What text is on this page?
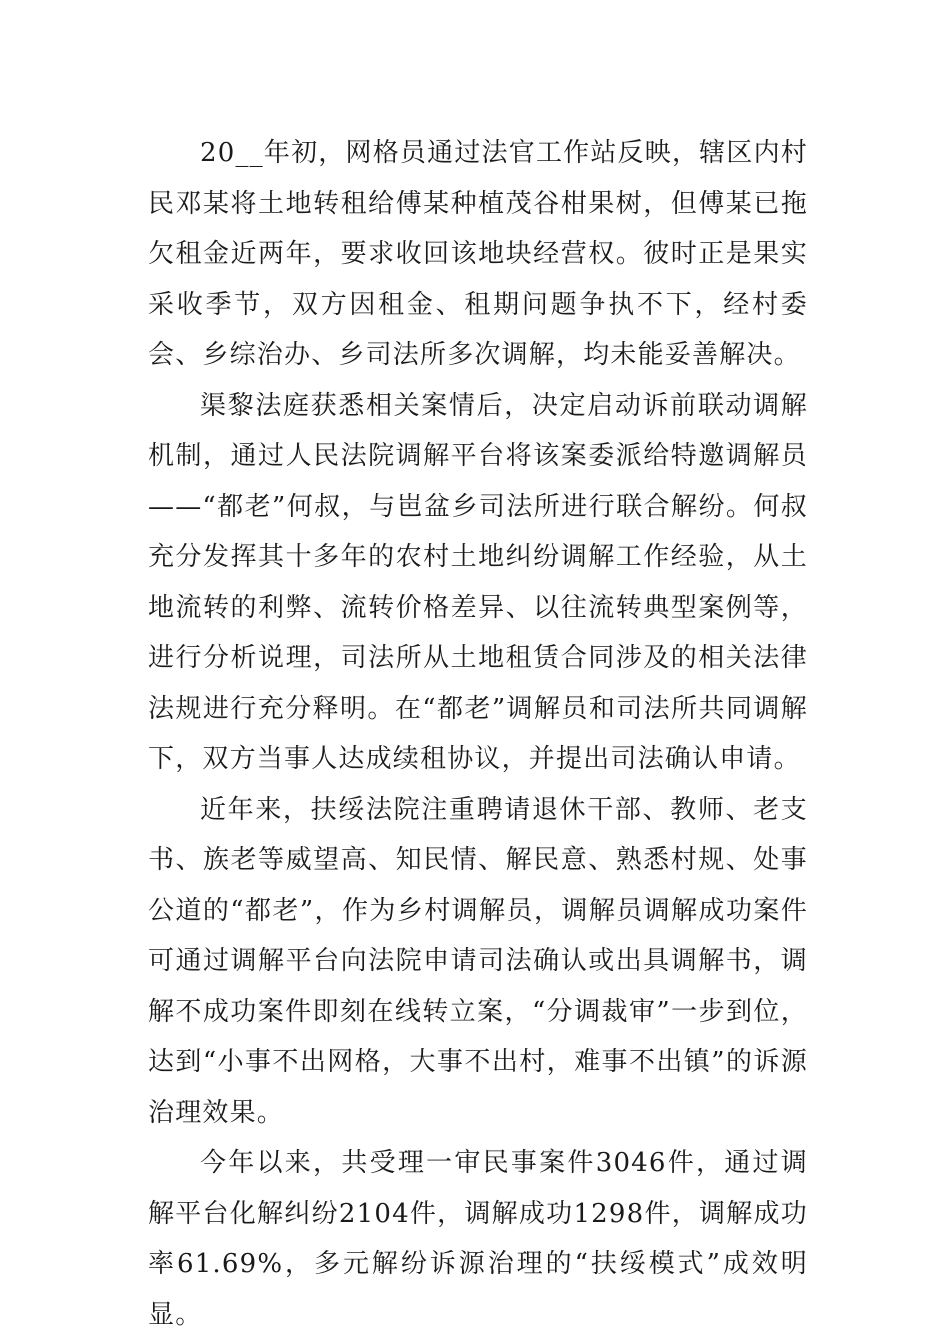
20__年初，网格员通过法官工作站反映，辖区内村民邓某将土地转租给傅某种植茂谷柑果树，但傅某已拖欠租金近两年，要求收回该地块经营权。彼时正是果实采收季节，双方因租金、租期问题争执不下，经村委会、乡综治办、乡司法所多次调解，均未能妥善解决。

渠黎法庭获悉相关案情后，决定启动诉前联动调解机制，通过人民法院调解平台将该案委派给特邀调解员——“都老”何叔，与岜盆乡司法所进行联合解纷。何叔充分发挥其十多年的农村土地纠纷调解工作经验，从土地流转的利弊、流转价格差异、以往流转典型案例等，进行分析说理，司法所从土地租赁合同涉及的相关法律法规进行充分释明。在“都老”调解员和司法所共同调解下，双方当事人达成续租协议，并提出司法确认申请。

近年来，扶绥法院注重聘请退休干部、教师、老支书、族老等威望高、知民情、解民意、熟悉村规、处事公道的“都老”，作为乡村调解员，调解员调解成功案件可通过调解平台向法院申请司法确认或出具调解书，调解不成功案件即刻在线转立案，“分调裁审”一步到位，达到“小事不出网格，大事不出村，难事不出镇”的诉源治理效果。

今年以来，共受理一审民事案件3046件，通过调解平台化解纠纷2104件，调解成功1298件，调解成功率61.69%，多元解纷诉源治理的“扶绥模式”成效明显。
